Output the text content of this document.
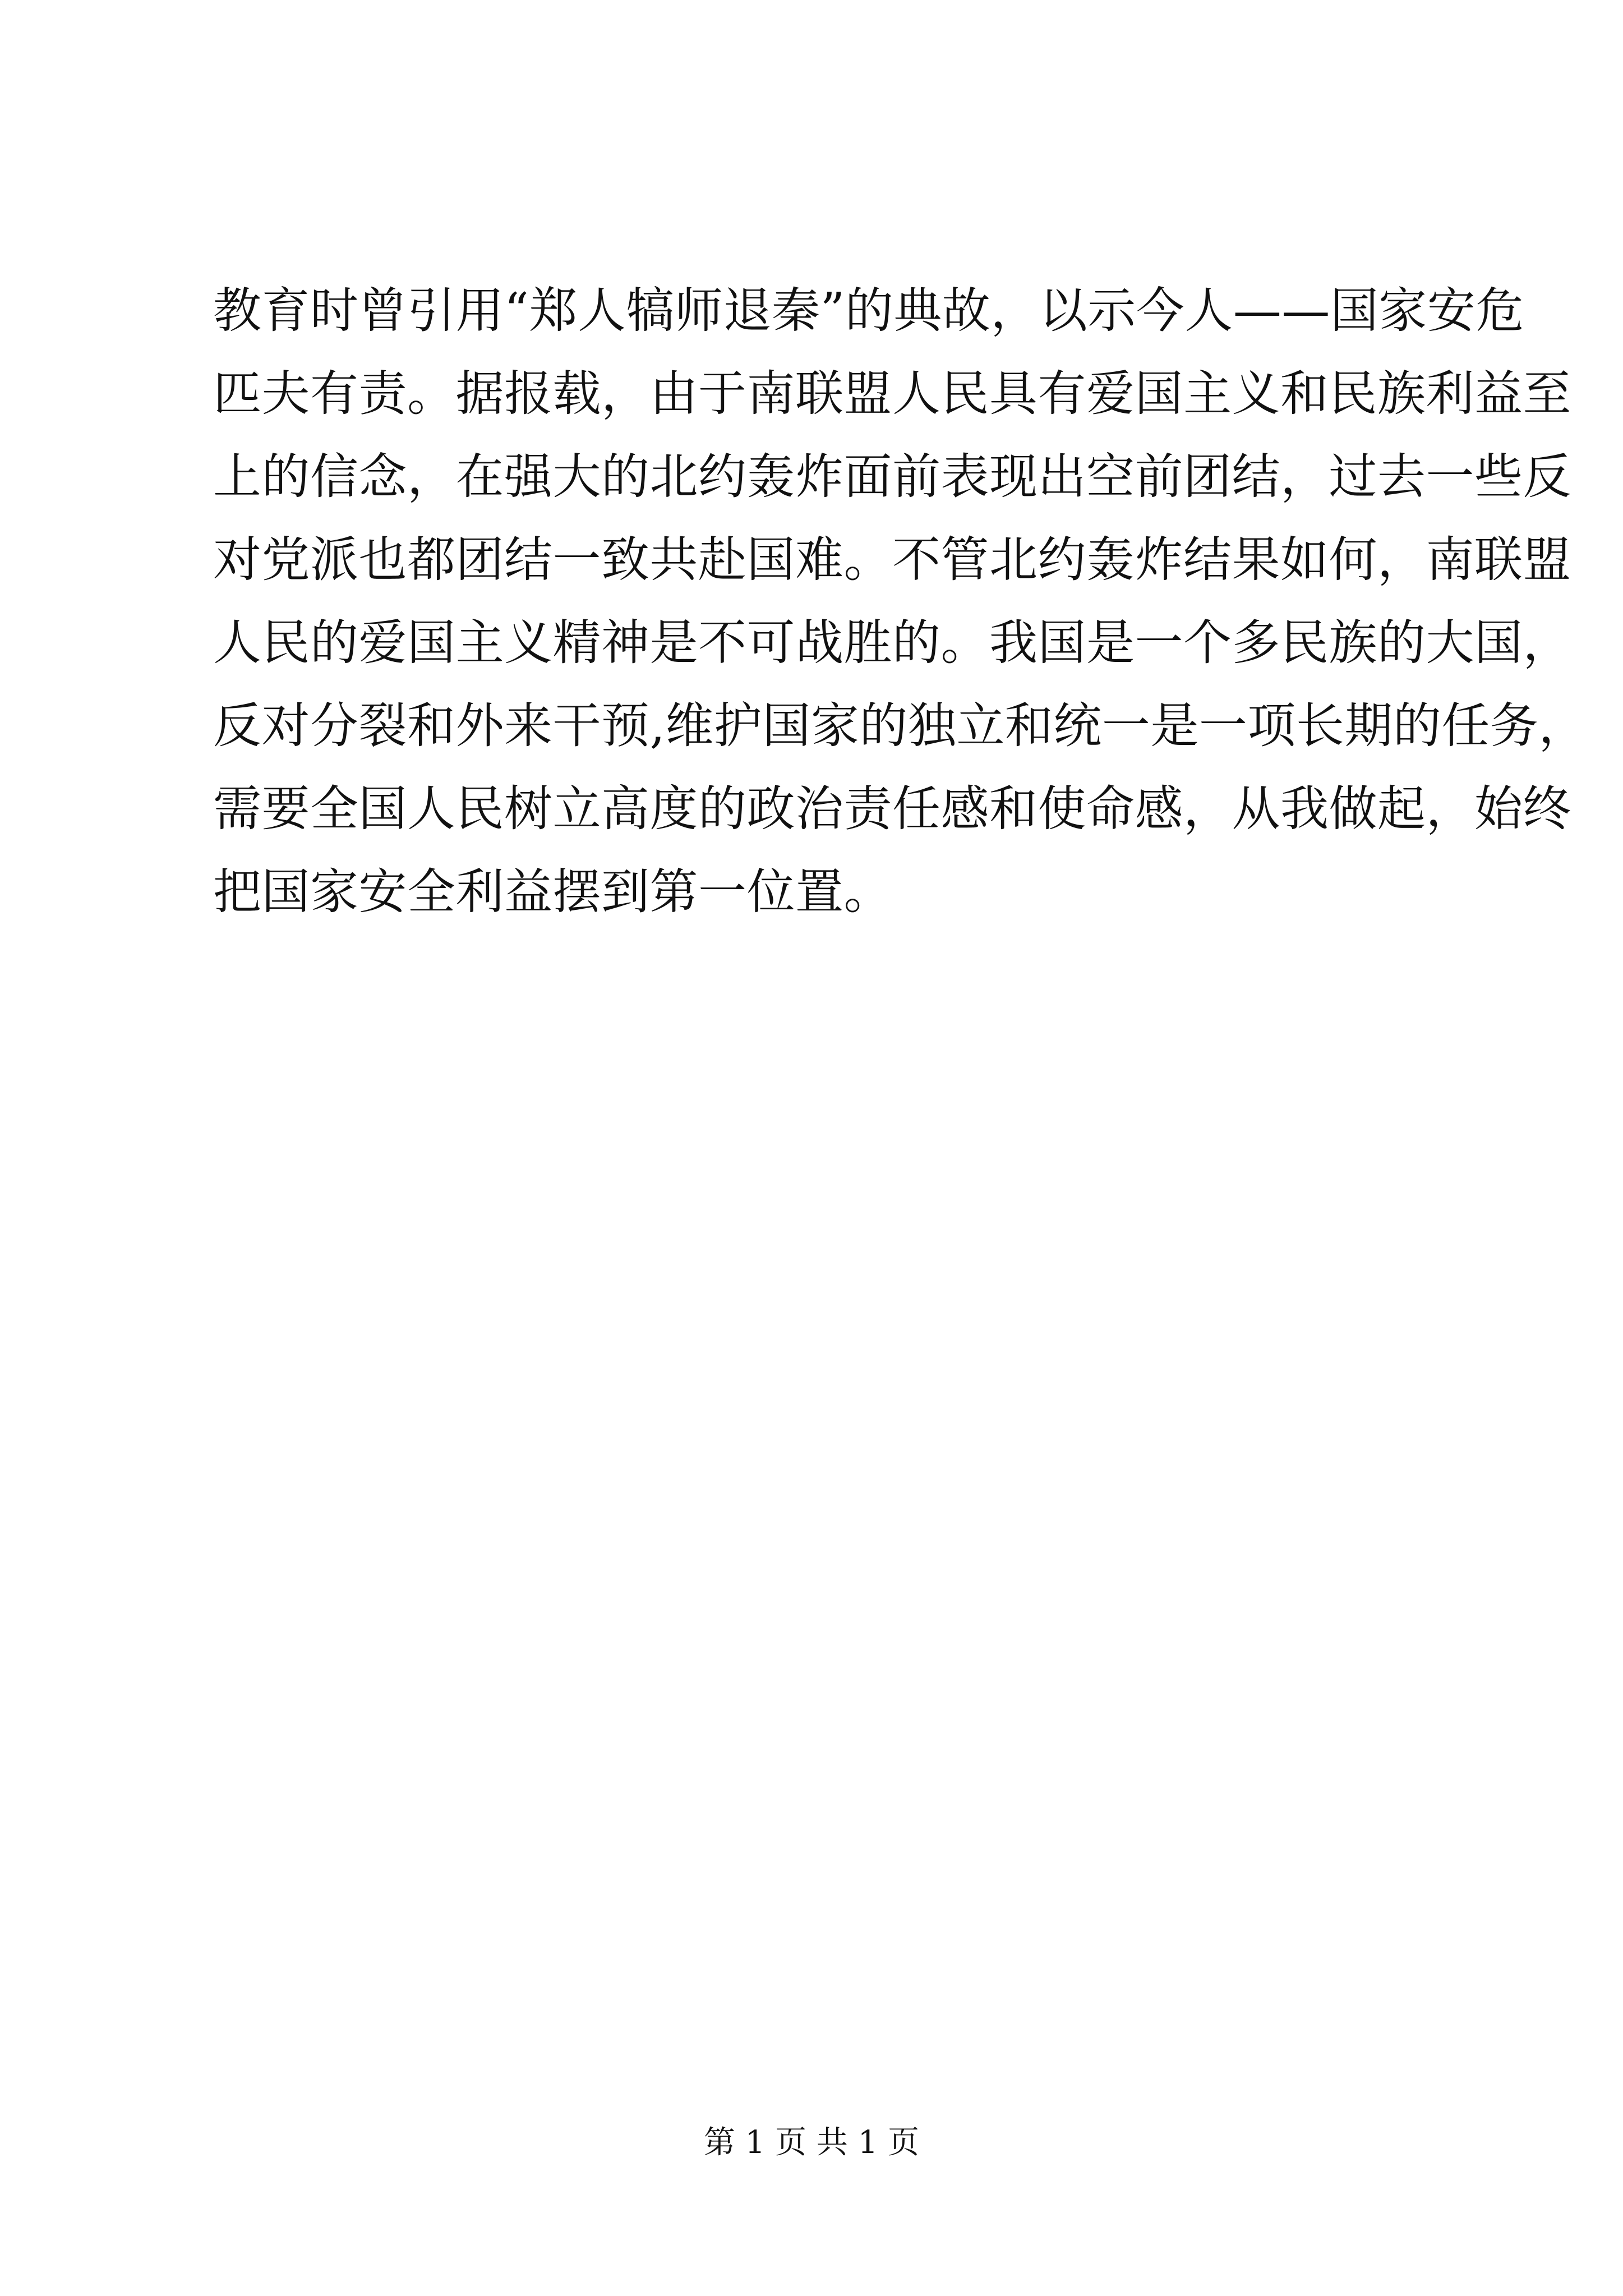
教育时曾引用“郑人犒师退秦”的典故，以示今人——国家安危
匹夫有责。据报载，由于南联盟人民具有爱国主义和民族利益至
上的信念，在强大的北约轰炸面前表现出空前团结，过去一些反
对党派也都团结一致共赴国难。不管北约轰炸结果如何，南联盟
人民的爱国主义精神是不可战胜的。我国是一个多民族的大国，
反对分裂和外来干预,维护国家的独立和统一是一项长期的任务，
需要全国人民树立高度的政治责任感和使命感，从我做起，始终
把国家安全利益摆到第一位置。
第 1 页 共 1 页
